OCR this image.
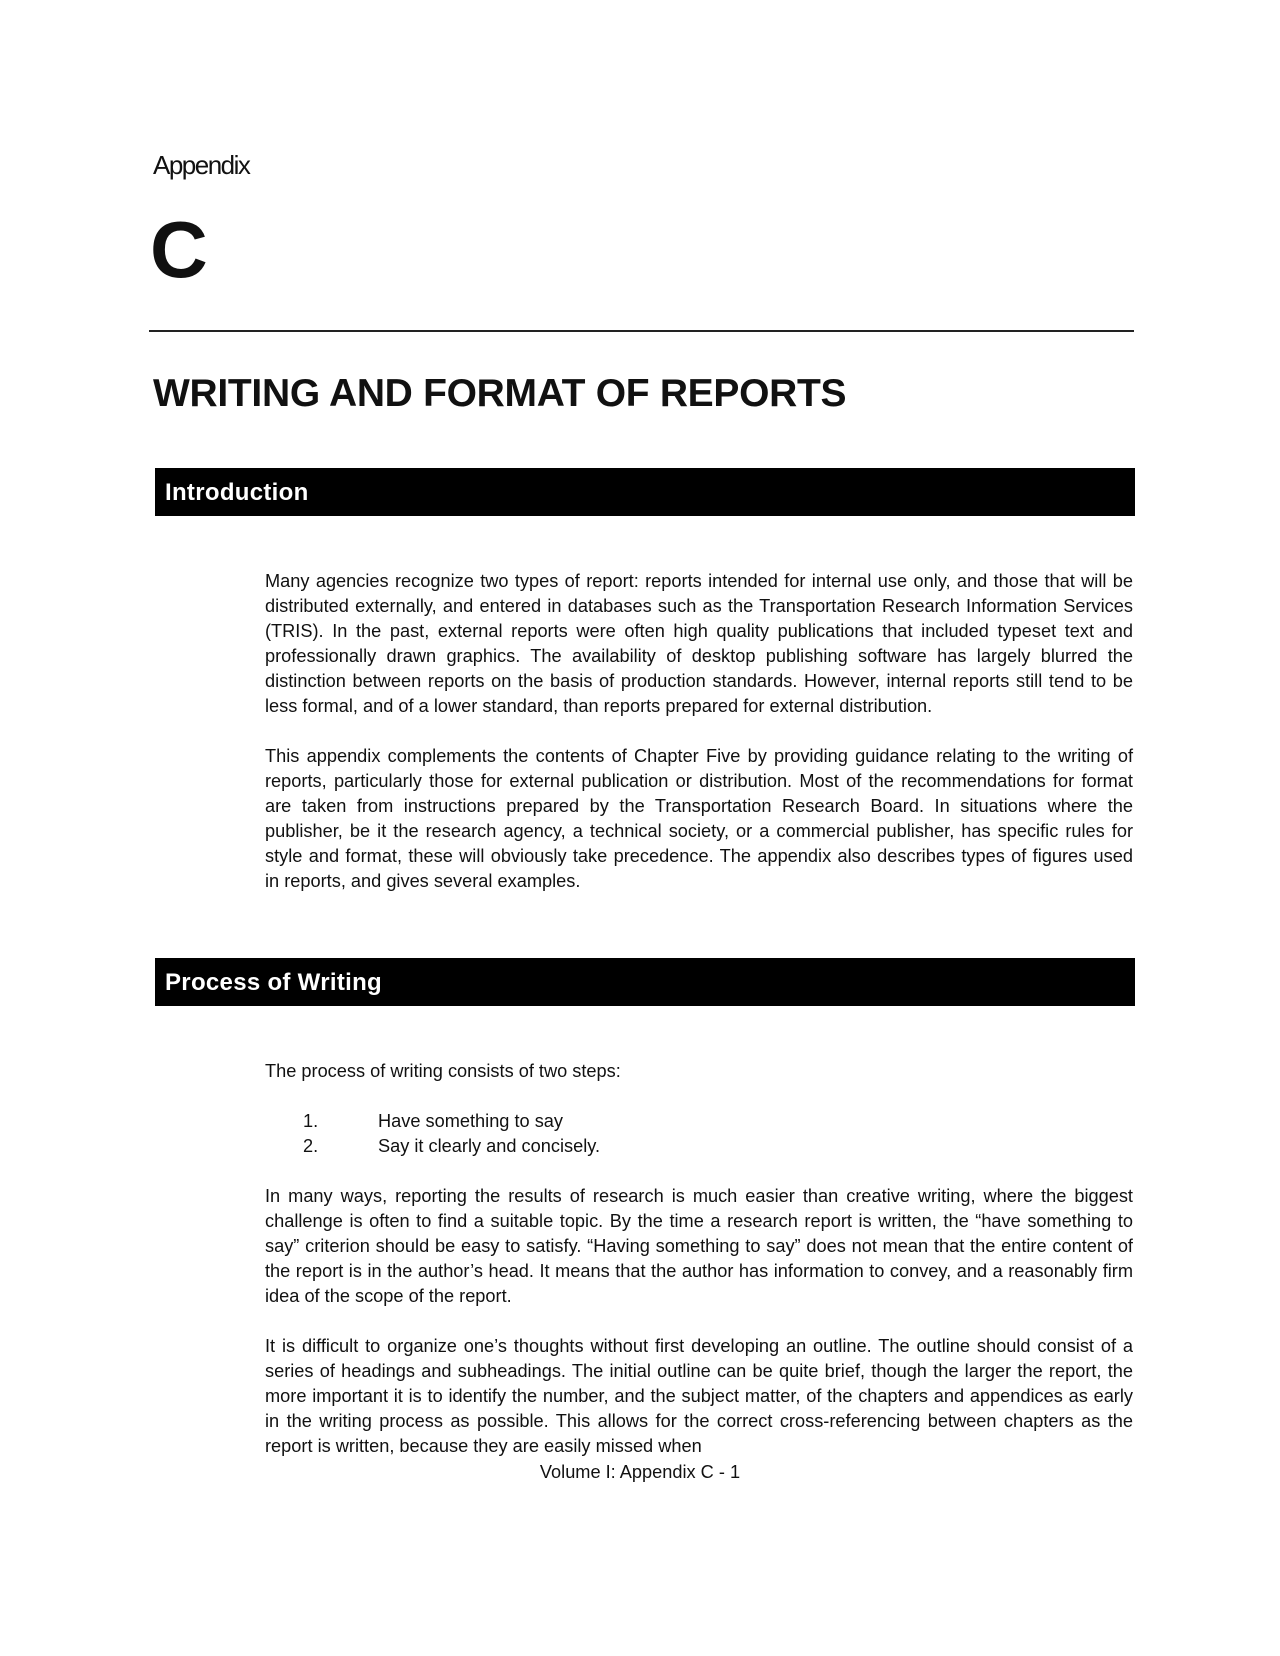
Appendix
C
WRITING AND FORMAT OF REPORTS
Introduction

Many agencies recognize two types of report: reports intended for internal use only, and those that will be distributed externally, and entered in databases such as the Transportation Research Information Services (TRIS). In the past, external reports were often high quality publications that included typeset text and professionally drawn graphics. The availability of desktop publishing software has largely blurred the distinction between reports on the basis of production standards. However, internal reports still tend to be less formal, and of a lower standard, than reports prepared for external distribution.

This appendix complements the contents of Chapter Five by providing guidance relating to the writing of reports, particularly those for external publication or distribution. Most of the recommendations for format are taken from instructions prepared by the Transportation Research Board. In situations where the publisher, be it the research agency, a technical society, or a commercial publisher, has specific rules for style and format, these will obviously take precedence. The appendix also describes types of figures used in reports, and gives several examples.

Process of Writing

The process of writing consists of two steps:

1.	Have something to say
2.	Say it clearly and concisely.

In many ways, reporting the results of research is much easier than creative writing, where the biggest challenge is often to find a suitable topic. By the time a research report is written, the “have something to say” criterion should be easy to satisfy. “Having something to say” does not mean that the entire content of the report is in the author’s head. It means that the author has information to convey, and a reasonably firm idea of the scope of the report.

It is difficult to organize one’s thoughts without first developing an outline. The outline should consist of a series of headings and subheadings. The initial outline can be quite brief, though the larger the report, the more important it is to identify the number, and the subject matter, of the chapters and appendices as early in the writing process as possible. This allows for the correct cross-referencing between chapters as the report is written, because they are easily missed when

Volume I: Appendix C - 1
